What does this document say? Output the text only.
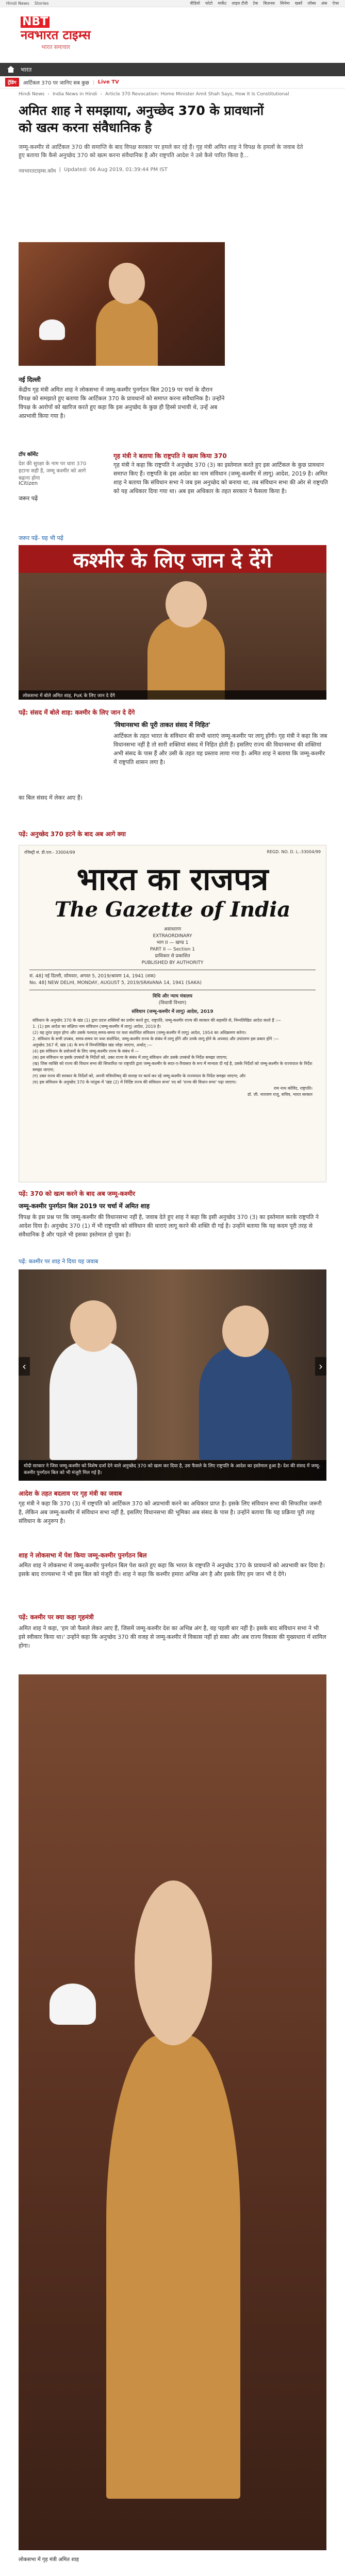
Hindi News Stories	वीडियो फोटो मार्केट लाइव टीवी टेक बिज़नस सिनेमा खबरें जॉब्स अंक ऐप्स
NBT
नवभारत टाइम्स
भारत समाचार
भारत
ट्रेंडिंग	आर्टिकल 370 पर जानिए सब कुछ Live TV
Hindi News › India News in Hindi › Article 370 Revocation: Home Minister Amit Shah Says, How It Is Constitutional
अमित शाह ने समझाया, अनुच्छेद 370 के प्रावधानों को खत्म करना संवैधानिक है

जम्मू-कश्मीर से आर्टिकल 370 की समाप्ति के बाद विपक्ष सरकार पर हमले कर रहे हैं। गृह मंत्री अमित शाह ने विपक्ष के हमलों के जवाब देते हुए बताया कि कैसे अनुच्छेद 370 को खत्म करना संवैधानिक है और राष्ट्रपति आदेश ने उसे कैसे पारित किया है...

नवभारतटाइम्स.कॉम | Updated: 06 Aug 2019, 01:39:44 PM IST
नई दिल्ली
केंद्रीय गृह मंत्री अमित शाह ने लोकसभा में जम्मू-कश्मीर पुनर्गठन बिल 2019 पर चर्चा के दौरान विपक्ष को समझाते हुए बताया कि आर्टिकल 370 के प्रावधानों को समाप्त करना संवैधानिक है। उन्होंने विपक्ष के आरोपों को खारिज करते हुए कहा कि इस अनुच्छेद के कुछ ही हिस्से प्रभावी थे, उन्हें अब अप्रभावी किया गया है।
टॉप कॉमेंट
देश की सुरक्षा के नाम पर धारा 370 हटाना सही है, जम्मू कश्मीर को आगे बढ़ाना होगा
ICitizen
जरूर पढ़ें
गृह मंत्री ने बताया कि राष्ट्रपति ने खत्म किया 370
गृह मंत्री ने कहा कि राष्ट्रपति ने अनुच्छेद 370 (3) का इस्तेमाल करते हुए इस आर्टिकल के कुछ प्रावधान समाप्त किए हैं। राष्ट्रपति के इस आदेश का नाम संविधान (जम्मू-कश्मीर में लागू) आदेश, 2019 है। अमित शाह ने बताया कि संविधान सभा ने जब इस अनुच्छेद को बनाया था, तब संविधान सभा की ओर से राष्ट्रपति को यह अधिकार दिया गया था। अब इस अधिकार के तहत सरकार ने फैसला किया है।
जरूर पढ़ें- यह भी पढ़ें
कश्मीर के लिए जान दे देंगे
लोकसभा में बोले अमित शाह, PoK के लिए जान दे देंगे
पढ़ें: संसद में बोले शाह: कश्मीर के लिए जान दे देंगे
'विधानसभा की पूरी ताकत संसद में निहित'
आर्टिकल के तहत भारत के संविधान की सभी धाराएं जम्मू-कश्मीर पर लागू होंगी। गृह मंत्री ने कहा कि जब विधानसभा नहीं है तो सारी शक्तियां संसद में निहित होती हैं। इसलिए राज्य की विधानसभा की शक्तियां अभी संसद के पास हैं और उसी के तहत यह प्रस्ताव लाया गया है। अमित शाह ने बताया कि जम्मू-कश्मीर में राष्ट्रपति शासन लगा है।
का बिल संसद में लेकर आए हैं।
पढ़ें: अनुच्छेद 370 हटने के बाद अब आगे क्या
रजिस्ट्री सं. डी.एल.- 33004/99	REGD. NO. D. L.-33004/99
भारत का राजपत्र
The Gazette of India
असाधारण
EXTRAORDINARY
भाग II — खण्ड 1
PART II — Section 1
प्राधिकार से प्रकाशित
PUBLISHED BY AUTHORITY
सं. 48] नई दिल्ली, सोमवार, अगस्त 5, 2019/श्रावण 14, 1941 (शक)
No. 48] NEW DELHI, MONDAY, AUGUST 5, 2019/SRAVANA 14, 1941 (SAKA)
विधि और न्याय मंत्रालय
(विधायी विभाग)
संविधान (जम्मू-कश्मीर में लागू) आदेश, 2019

संविधान के अनुच्छेद 370 के खंड (1) द्वारा प्रदत्त शक्तियों का प्रयोग करते हुए, राष्ट्रपति, जम्मू-कश्मीर राज्य की सरकार की सहमति से, निम्नलिखित आदेश करते हैं :—

1. (1) इस आदेश का संक्षिप्त नाम संविधान (जम्मू-कश्मीर में लागू) आदेश, 2019 है।

(2) यह तुरंत प्रवृत्त होगा और उसके पश्चात् समय-समय पर यथा संशोधित संविधान (जम्मू-कश्मीर में लागू) आदेश, 1954 का अधिक्रमण करेगा।

2. संविधान के सभी उपबंध, समय-समय पर यथा संशोधित, जम्मू-कश्मीर राज्य के संबंध में लागू होंगे और उनके लागू होने के अपवाद और उपांतरण इस प्रकार होंगे :—

अनुच्छेद 367 में, खंड (4) के रूप में निम्नलिखित खंड जोड़ा जाएगा, अर्थात् :—

(4) इस संविधान के प्रयोजनों के लिए जम्मू-कश्मीर राज्य के संबंध में —

(क) इस संविधान या इसके उपबंधों के निर्देशों को, उक्त राज्य के संबंध में लागू संविधान और उसके उपबंधों के निर्देश समझा जाएगा;

(ख) जिस व्यक्ति को राज्य की विधान सभा की सिफारिश पर राष्ट्रपति द्वारा जम्मू-कश्मीर के सदर-ए-रियासत के रूप में मान्यता दी गई है, उसके निर्देशों को जम्मू-कश्मीर के राज्यपाल के निर्देश समझा जाएगा;

(ग) उक्त राज्य की सरकार के निर्देशों को, अपनी मंत्रिपरिषद् की सलाह पर कार्य कर रहे जम्मू-कश्मीर के राज्यपाल के निर्देश समझा जाएगा; और

(घ) इस संविधान के अनुच्छेद 370 के परंतुक में 'खंड (2) में निर्दिष्ट राज्य की संविधान सभा' पद को 'राज्य की विधान सभा' पढ़ा जाएगा।

राम नाथ कोविंद, राष्ट्रपति।

डॉ. जी. नारायण राजू, सचिव, भारत सरकार

पढ़ें: 370 को खत्म करने के बाद अब जम्मू-कश्मीर
जम्मू-कश्मीर पुनर्गठन बिल 2019 पर चर्चा में अमित शाह
विपक्ष के इस प्रश्न पर कि जम्मू-कश्मीर की विधानसभा नहीं है, जवाब देते हुए शाह ने कहा कि इसी अनुच्छेद 370 (3) का इस्तेमाल करके राष्ट्रपति ने आदेश दिया है। अनुच्छेद 370 (1) में भी राष्ट्रपति को संविधान की धाराएं लागू करने की शक्ति दी गई है। उन्होंने बताया कि यह कदम पूरी तरह से संवैधानिक है और पहले भी इसका इस्तेमाल हो चुका है।
पढ़ें: कश्मीर पर शाह ने दिया यह जवाब
‹	›
मोदी सरकार ने जिस जम्मू-कश्मीर को विशेष दर्जा देने वाले अनुच्छेद 370 को खत्म कर दिया है, उस फैसले के लिए राष्ट्रपति के आदेश का इस्तेमाल हुआ है। देश की संसद में जम्मू-कश्मीर पुनर्गठन बिल को भी मंजूरी मिल गई है।
आदेश के तहत बदलाव पर गृह मंत्री का जवाब
गृह मंत्री ने कहा कि 370 (3) में राष्ट्रपति को आर्टिकल 370 को अप्रभावी करने का अधिकार प्राप्त है। इसके लिए संविधान सभा की सिफारिश जरूरी है, लेकिन अब जम्मू-कश्मीर में संविधान सभा नहीं है, इसलिए विधानसभा की भूमिका अब संसद के पास है। उन्होंने बताया कि यह प्रक्रिया पूरी तरह संविधान के अनुरूप है।
शाह ने लोकसभा में पेश किया जम्मू-कश्मीर पुनर्गठन बिल
अमित शाह ने लोकसभा में जम्मू-कश्मीर पुनर्गठन बिल पेश करते हुए कहा कि भारत के राष्ट्रपति ने अनुच्छेद 370 के प्रावधानों को अप्रभावी कर दिया है। इसके बाद राज्यसभा ने भी इस बिल को मंजूरी दी। शाह ने कहा कि कश्मीर हमारा अभिन्न अंग है और इसके लिए हम जान भी दे देंगे।
पढ़ें: कश्मीर पर क्या कहा गृहमंत्री
अमित शाह ने कहा, 'हम जो फैसले लेकर आए हैं, जिसमें जम्मू-कश्मीर देश का अभिन्न अंग है, वह पहली बार नहीं है। इसके बाद संविधान सभा ने भी इसे स्वीकार किया था।' उन्होंने कहा कि अनुच्छेद 370 की वजह से जम्मू-कश्मीर में विकास नहीं हो सका और अब राज्य विकास की मुख्यधारा में शामिल होगा।
लोकसभा में गृह मंत्री अमित शाह
